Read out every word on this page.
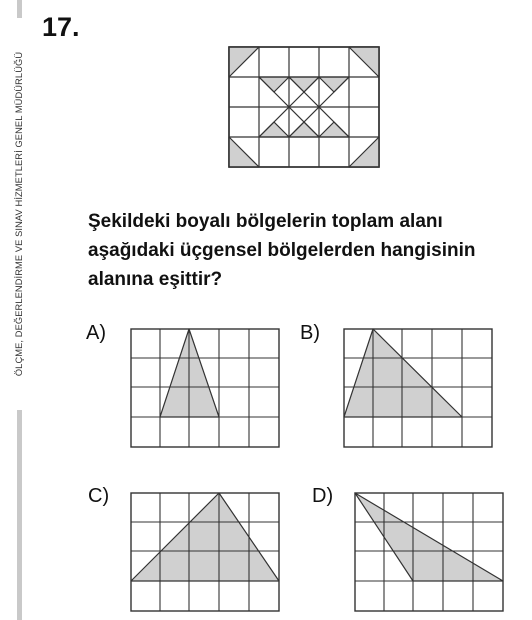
ÖLÇME, DEĞERLENDİRME VE SINAV HİZMETLERİ GENEL MÜDÜRLÜĞÜ
17.
Şekildeki boyalı bölgelerin toplam alanı
aşağıdaki üçgensel bölgelerden hangisinin
alanına eşittir?
A)	B)
C)	D)
